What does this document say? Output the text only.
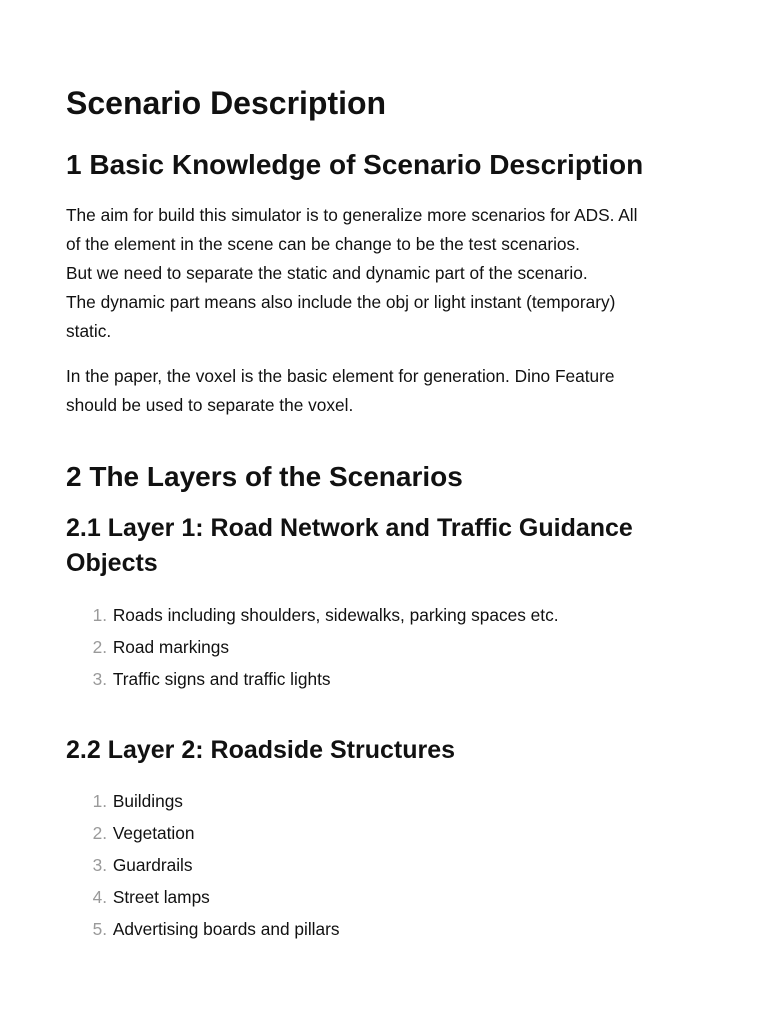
Scenario Description
1 Basic Knowledge of Scenario Description

The aim for build this simulator is to generalize more scenarios for ADS. All
of the element in the scene can be change to be the test scenarios.
But we need to separate the static and dynamic part of the scenario.
The dynamic part means also include the obj or light instant (temporary)
static.

In the paper, the voxel is the basic element for generation. Dino Feature
should be used to separate the voxel.

2 The Layers of the Scenarios
2.1 Layer 1: Road Network and Traffic Guidance Objects
1 . Roads including shoulders, sidewalks, parking spaces etc.
2 . Road markings
3 . Traffic signs and traffic lights
2.2 Layer 2: Roadside Structures
1 . Buildings
2 . Vegetation
3 . Guardrails
4 . Street lamps
5 . Advertising boards and pillars
